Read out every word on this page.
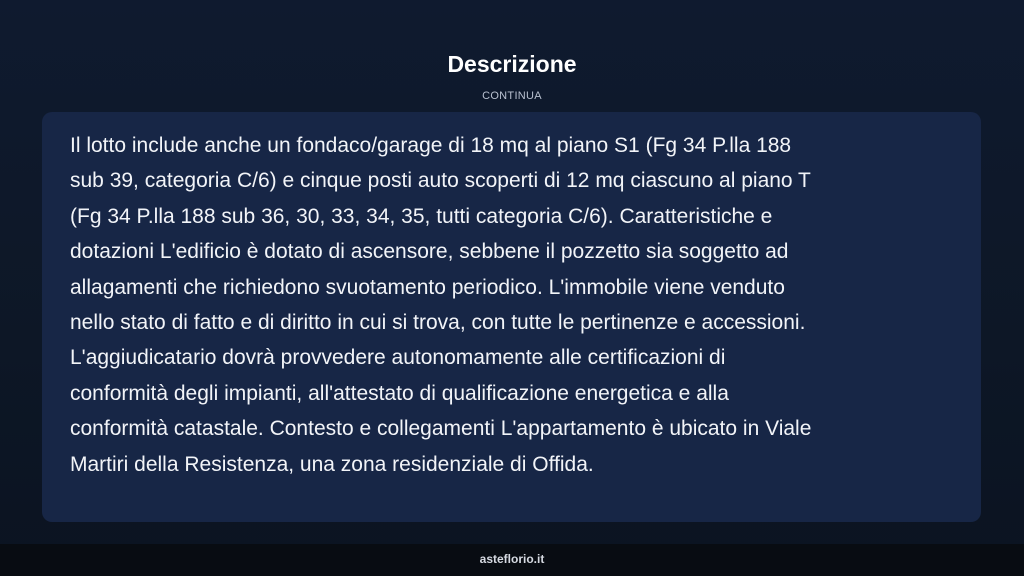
Descrizione
CONTINUA

Il lotto include anche un fondaco/garage di 18 mq al piano S1 (Fg 34 P.lla 188
sub 39, categoria C/6) e cinque posti auto scoperti di 12 mq ciascuno al piano T
(Fg 34 P.lla 188 sub 36, 30, 33, 34, 35, tutti categoria C/6). Caratteristiche e
dotazioni L'edificio è dotato di ascensore, sebbene il pozzetto sia soggetto ad
allagamenti che richiedono svuotamento periodico. L'immobile viene venduto
nello stato di fatto e di diritto in cui si trova, con tutte le pertinenze e accessioni.
L'aggiudicatario dovrà provvedere autonomamente alle certificazioni di
conformità degli impianti, all'attestato di qualificazione energetica e alla
conformità catastale. Contesto e collegamenti L'appartamento è ubicato in Viale
Martiri della Resistenza, una zona residenziale di Offida.

asteflorio.it
